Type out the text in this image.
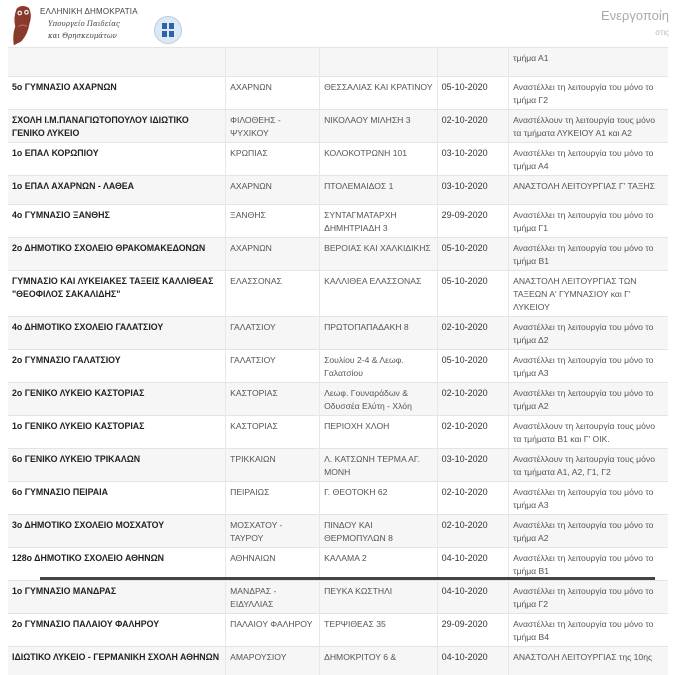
ΕΛΛΗΝΙΚΗ ΔΗΜΟΚΡΑΤΙΑ
Υπουργείο Παιδείας
και Θρησκευμάτων
				τμήμα Α1
5ο ΓΥΜΝΑΣΙΟ ΑΧΑΡΝΩΝ	ΑΧΑΡΝΩΝ	ΘΕΣΣΑΛΙΑΣ ΚΑΙ ΚΡΑΤΙΝΟΥ	05-10-2020	Αναστέλλει τη λειτουργία του μόνο το τμήμα Γ2
ΣΧΟΛΗ Ι.Μ.ΠΑΝΑΓΙΩΤΟΠΟΥΛΟΥ ΙΔΙΩΤΙΚΟ ΓΕΝΙΚΟ ΛΥΚΕΙΟ	ΦΙΛΟΘΕΗΣ - ΨΥΧΙΚΟΥ	ΝΙΚΟΛΑΟΥ ΜΙΛΗΣΗ 3	02-10-2020	Αναστέλλουν τη λειτουργία τους μόνο τα τμήματα ΛΥΚΕΙΟΥ Α1 και Α2
1ο ΕΠΑΛ ΚΟΡΩΠΙΟΥ	ΚΡΩΠΙΑΣ	ΚΟΛΟΚΟΤΡΩΝΗ 101	03-10-2020	Αναστέλλει τη λειτουργία του μόνο το τμήμα Α4
1ο ΕΠΑΛ ΑΧΑΡΝΩΝ - ΛΑΘΕΑ	ΑΧΑΡΝΩΝ	ΠΤΟΛΕΜΑΙΔΟΣ 1	03-10-2020	ΑΝΑΣΤΟΛΗ ΛΕΙΤΟΥΡΓΙΑΣ Γ' ΤΑΞΗΣ
4ο ΓΥΜΝΑΣΙΟ ΞΑΝΘΗΣ	ΞΑΝΘΗΣ	ΣΥΝΤΑΓΜΑΤΑΡΧΗ ΔΗΜΗΤΡΙΑΔΗ 3	29-09-2020	Αναστέλλει τη λειτουργία του μόνο το τμήμα Γ1
2ο ΔΗΜΟΤΙΚΟ ΣΧΟΛΕΙΟ ΘΡΑΚΟΜΑΚΕΔΟΝΩΝ	ΑΧΑΡΝΩΝ	ΒΕΡΟΙΑΣ ΚΑΙ ΧΑΛΚΙΔΙΚΗΣ	05-10-2020	Αναστέλλει τη λειτουργία του μόνο το τμήμα Β1
ΓΥΜΝΑΣΙΟ ΚΑΙ ΛΥΚΕΙΑΚΕΣ ΤΑΞΕΙΣ ΚΑΛΛΙΘΕΑΣ "ΘΕΟΦΙΛΟΣ ΣΑΚΑΛΙΔΗΣ"	ΕΛΑΣΣΟΝΑΣ	ΚΑΛΛΙΘΕΑ ΕΛΑΣΣΟΝΑΣ	05-10-2020	ΑΝΑΣΤΟΛΗ ΛΕΙΤΟΥΡΓΙΑΣ ΤΩΝ ΤΑΞΕΩΝ Α' ΓΥΜΝΑΣΙΟΥ και Γ' ΛΥΚΕΙΟΥ
4ο ΔΗΜΟΤΙΚΟ ΣΧΟΛΕΙΟ ΓΑΛΑΤΣΙΟΥ	ΓΑΛΑΤΣΙΟΥ	ΠΡΩΤΟΠΑΠΑΔΑΚΗ 8	02-10-2020	Αναστέλλει τη λειτουργία του μόνο το τμήμα Δ2
2ο ΓΥΜΝΑΣΙΟ ΓΑΛΑΤΣΙΟΥ	ΓΑΛΑΤΣΙΟΥ	Σουλίου 2-4 & Λεωφ. Γαλατσίου	05-10-2020	Αναστέλλει τη λειτουργία του μόνο το τμήμα Α3
2ο ΓΕΝΙΚΟ ΛΥΚΕΙΟ ΚΑΣΤΟΡΙΑΣ	ΚΑΣΤΟΡΙΑΣ	Λεωφ. Γουναράδων & Οδυσσέα Ελύτη - Χλόη	02-10-2020	Αναστέλλει τη λειτουργία του μόνο το τμήμα Α2
1ο ΓΕΝΙΚΟ ΛΥΚΕΙΟ ΚΑΣΤΟΡΙΑΣ	ΚΑΣΤΟΡΙΑΣ	ΠΕΡΙΟΧΗ ΧΛΟΗ	02-10-2020	Αναστέλλουν τη λειτουργία τους μόνο τα τμήματα Β1 και Γ' ΟΙΚ.
6ο ΓΕΝΙΚΟ ΛΥΚΕΙΟ ΤΡΙΚΑΛΩΝ	ΤΡΙΚΚΑΙΩΝ	Λ. ΚΑΤΣΩΝΗ ΤΕΡΜΑ ΑΓ. ΜΟΝΗ	03-10-2020	Αναστέλλουν τη λειτουργία τους μόνο τα τμήματα Α1, Α2, Γ1, Γ2
6ο ΓΥΜΝΑΣΙΟ ΠΕΙΡΑΙΑ	ΠΕΙΡΑΙΩΣ	Γ. ΘΕΟΤΟΚΗ 62	02-10-2020	Αναστέλλει τη λειτουργία του μόνο το τμήμα Α3
3ο ΔΗΜΟΤΙΚΟ ΣΧΟΛΕΙΟ ΜΟΣΧΑΤΟΥ	ΜΟΣΧΑΤΟΥ - ΤΑΥΡΟΥ	ΠΙΝΔΟΥ ΚΑΙ ΘΕΡΜΟΠΥΛΩΝ 8	02-10-2020	Αναστέλλει τη λειτουργία του μόνο το τμήμα Α2
128ο ΔΗΜΟΤΙΚΟ ΣΧΟΛΕΙΟ ΑΘΗΝΩΝ	ΑΘΗΝΑΙΩΝ	ΚΑΛΑΜΑ 2	04-10-2020	Αναστέλλει τη λειτουργία του μόνο το τμήμα Β1
1ο ΓΥΜΝΑΣΙΟ ΜΑΝΔΡΑΣ	ΜΑΝΔΡΑΣ - ΕΙΔΥΛΛΙΑΣ	ΠΕΥΚΑ ΚΩΣΤΗΛΙ	04-10-2020	Αναστέλλει τη λειτουργία του μόνο το τμήμα Γ2
2ο ΓΥΜΝΑΣΙΟ ΠΑΛΑΙΟΥ ΦΑΛΗΡΟΥ	ΠΑΛΑΙΟΥ ΦΑΛΗΡΟΥ	ΤΕΡΨΙΘΕΑΣ 35	29-09-2020	Αναστέλλει τη λειτουργία του μόνο το τμήμα Β4
ΙΔΙΩΤΙΚΟ ΛΥΚΕΙΟ - ΓΕΡΜΑΝΙΚΗ ΣΧΟΛΗ ΑΘΗΝΩΝ	ΑΜΑΡΟΥΣΙΟΥ	ΔΗΜΟΚΡΙΤΟΥ 6 &	04-10-2020	ΑΝΑΣΤΟΛΗ ΛΕΙΤΟΥΡΓΙΑΣ της 10ης
Ενεργοποίη
στις
